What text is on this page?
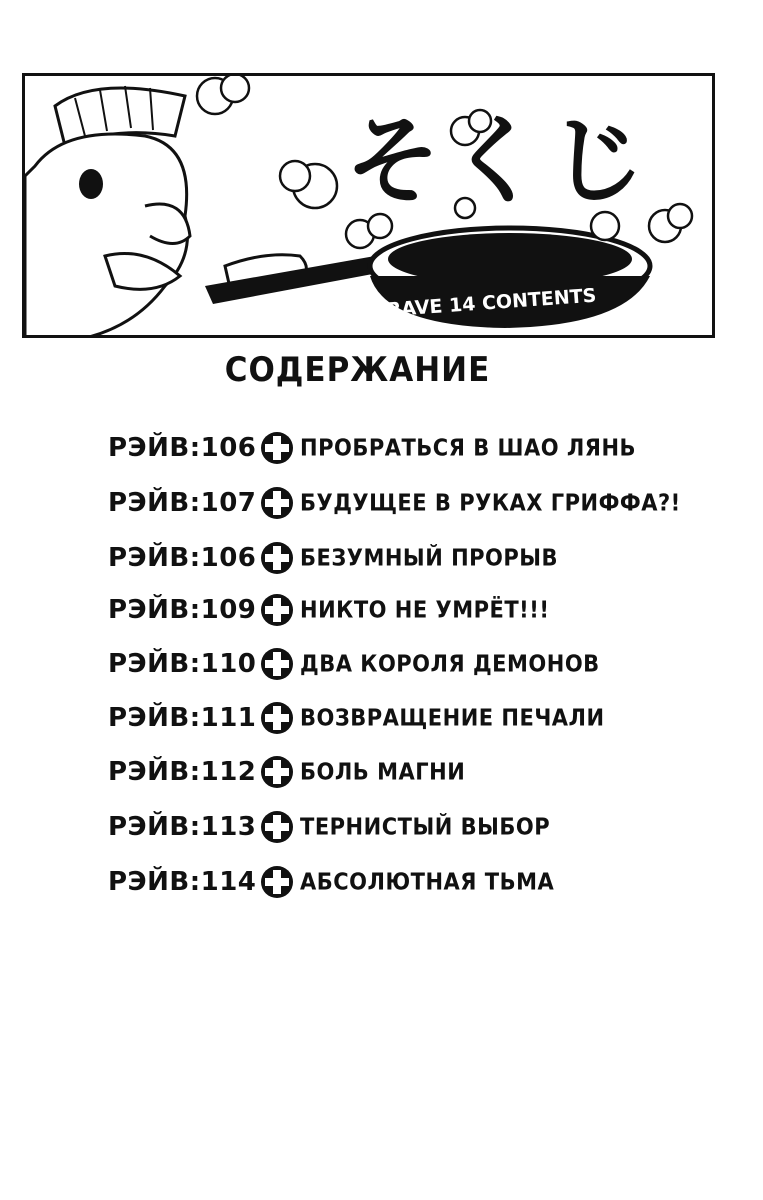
RAVE 14 CONTENTS
そくじ
СОДЕРЖАНИЕ
РЭЙВ:106 ПРОБРАТЬСЯ В ШАО ЛЯНЬ
РЭЙВ:107 БУДУЩЕЕ В РУКАХ ГРИФФА?!
РЭЙВ:106 БЕЗУМНЫЙ ПРОРЫВ
РЭЙВ:109 НИКТО НЕ УМРЁТ!!!
РЭЙВ:110 ДВА КОРОЛЯ ДЕМОНОВ
РЭЙВ:111 ВОЗВРАЩЕНИЕ ПЕЧАЛИ
РЭЙВ:112 БОЛЬ МАГНИ
РЭЙВ:113 ТЕРНИСТЫЙ ВЫБОР
РЭЙВ:114 АБСОЛЮТНАЯ ТЬМА
